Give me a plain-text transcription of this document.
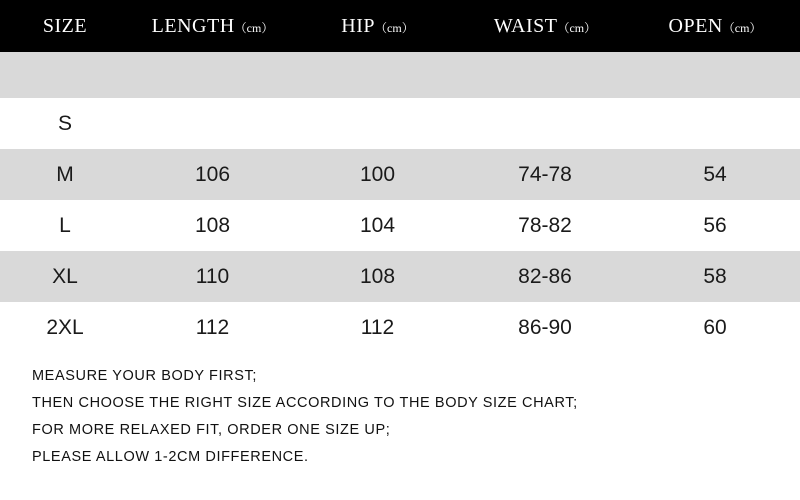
SIZE	LENGTH（cm）	HIP（cm）	WAIST（cm）	OPEN（cm）
S
M	106	100	74-78	54
L	108	104	78-82	56
XL	110	108	82-86	58
2XL	112	112	86-90	60
MEASURE YOUR BODY FIRST;
THEN CHOOSE THE RIGHT SIZE ACCORDING TO THE BODY SIZE CHART;
FOR MORE RELAXED FIT, ORDER ONE SIZE UP;
PLEASE ALLOW 1-2CM DIFFERENCE.
